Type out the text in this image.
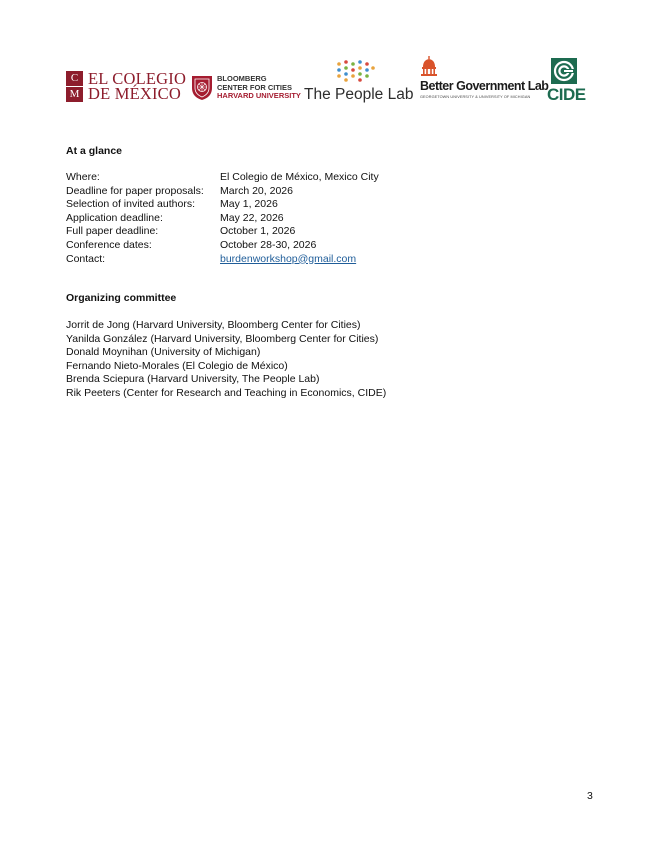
C
M
EL COLEGIO
DE MÉXICO
BLOOMBERG
CENTER FOR CITIES
HARVARD UNIVERSITY The People Lab Better Government Lab
GEORGETOWN UNIVERSITY & UNIVERSITY OF MICHIGAN CIDE
At a glance
Where:	El Colegio de México, Mexico City
Deadline for paper proposals:	March 20, 2026
Selection of invited authors:	May 1, 2026
Application deadline:	May 22, 2026
Full paper deadline:	October 1, 2026
Conference dates:	October 28-30, 2026
Contact:	burdenworkshop@gmail.com
Organizing committee
Jorrit de Jong (Harvard University, Bloomberg Center for Cities)
Yanilda González (Harvard University, Bloomberg Center for Cities)
Donald Moynihan (University of Michigan)
Fernando Nieto-Morales (El Colegio de México)
Brenda Sciepura (Harvard University, The People Lab)
Rik Peeters (Center for Research and Teaching in Economics, CIDE)
3
